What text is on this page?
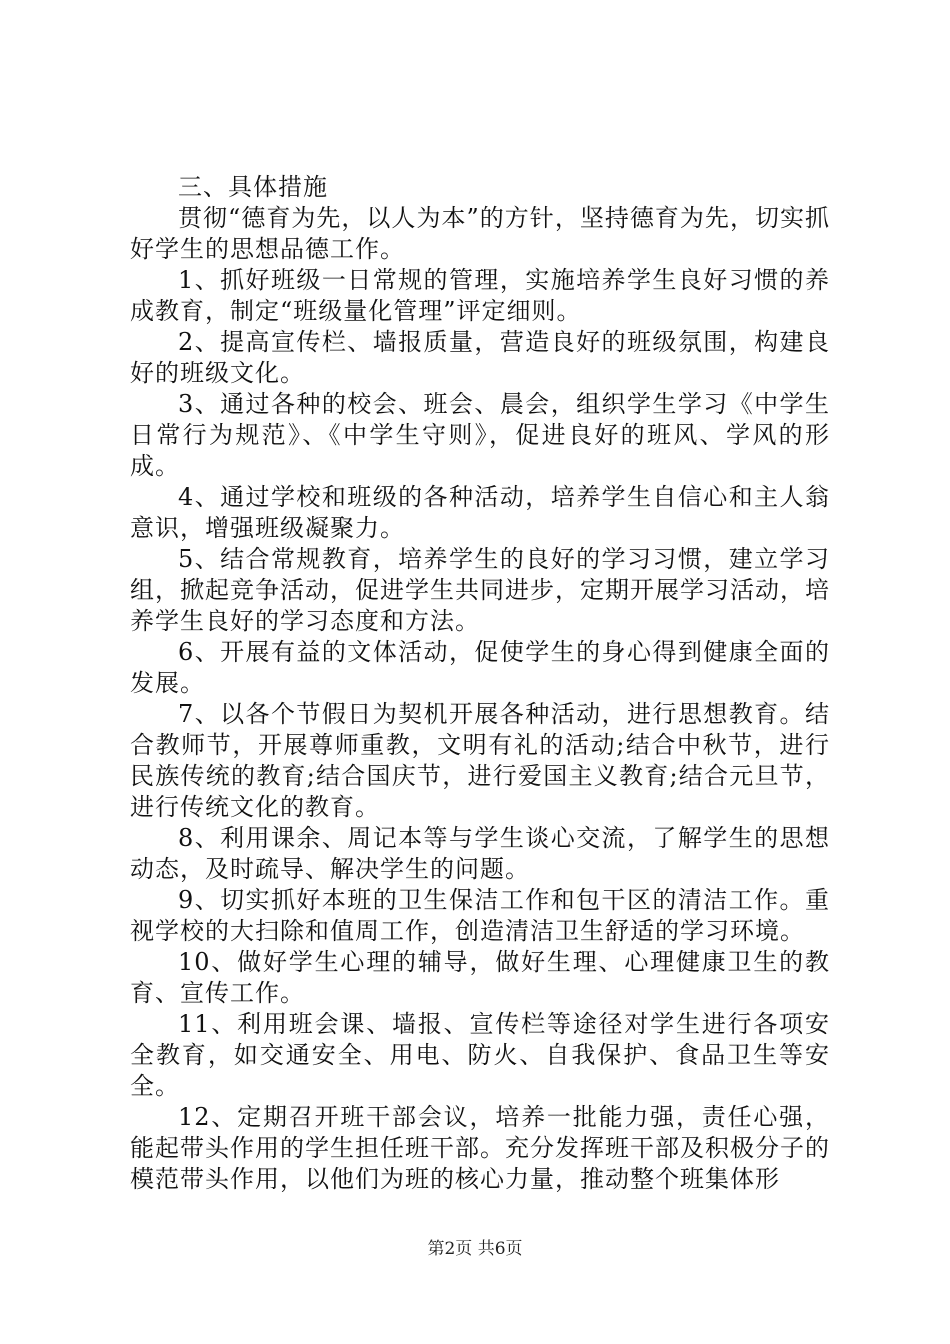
三、具体措施

贯彻“德育为先，以人为本”的方针，坚持德育为先，切实抓好学生的思想品德工作。

1、抓好班级一日常规的管理，实施培养学生良好习惯的养成教育，制定“班级量化管理”评定细则。

2、提高宣传栏、墙报质量，营造良好的班级氛围，构建良好的班级文化。

3、通过各种的校会、班会、晨会，组织学生学习《中学生日常行为规范》、《中学生守则》，促进良好的班风、学风的形成。

4、通过学校和班级的各种活动，培养学生自信心和主人翁意识，增强班级凝聚力。

5、结合常规教育，培养学生的良好的学习习惯，建立学习组，掀起竞争活动，促进学生共同进步，定期开展学习活动，培养学生良好的学习态度和方法。

6、开展有益的文体活动，促使学生的身心得到健康全面的发展。

7、以各个节假日为契机开展各种活动，进行思想教育。结合教师节，开展尊师重教，文明有礼的活动;结合中秋节，进行民族传统的教育;结合国庆节，进行爱国主义教育;结合元旦节，进行传统文化的教育。

8、利用课余、周记本等与学生谈心交流，了解学生的思想动态，及时疏导、解决学生的问题。

9、切实抓好本班的卫生保洁工作和包干区的清洁工作。重视学校的大扫除和值周工作，创造清洁卫生舒适的学习环境。

10、做好学生心理的辅导，做好生理、心理健康卫生的教育、宣传工作。

11、利用班会课、墙报、宣传栏等途径对学生进行各项安全教育，如交通安全、用电、防火、自我保护、食品卫生等安全。

12、定期召开班干部会议，培养一批能力强，责任心强，能起带头作用的学生担任班干部。充分发挥班干部及积极分子的模范带头作用，以他们为班的核心力量，推动整个班集体形

第2页 共6页
